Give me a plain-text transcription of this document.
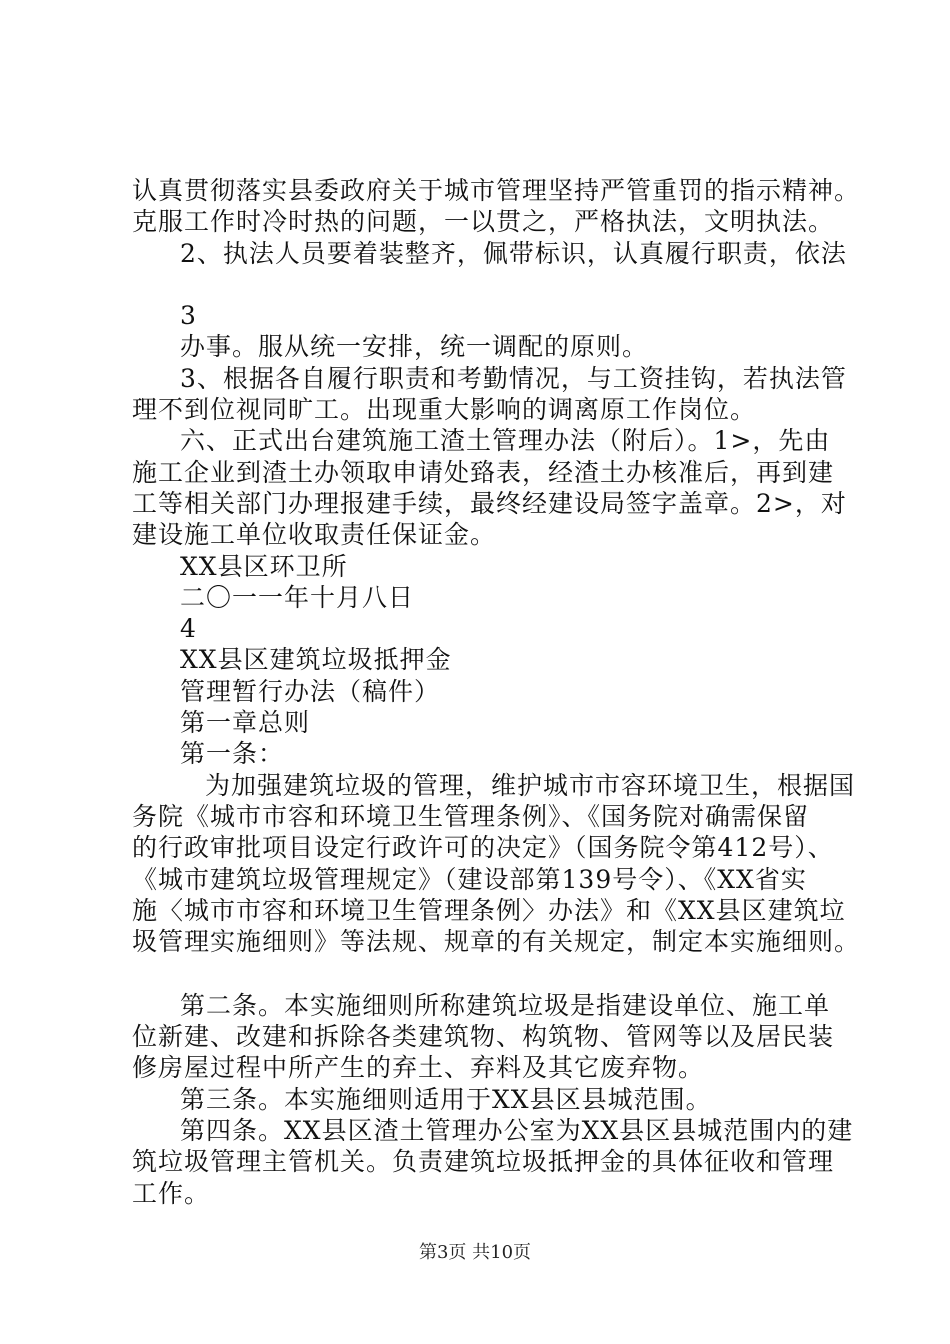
认真贯彻落实县委政府关于城市管理坚持严管重罚的指示精神。
克服工作时冷时热的问题，一以贯之，严格执法，文明执法。
2、执法人员要着装整齐，佩带标识，认真履行职责，依法
3
办事。服从统一安排，统一调配的原则。
3、根据各自履行职责和考勤情况，与工资挂钩，若执法管
理不到位视同旷工。出现重大影响的调离原工作岗位。
六、正式出台建筑施工渣土管理办法（附后）。1>，先由
施工企业到渣土办领取申请处臵表，经渣土办核准后，再到建
工等相关部门办理报建手续，最终经建设局签字盖章。2>，对
建设施工单位收取责任保证金。
XX县区环卫所
二〇一一年十月八日
4
XX县区建筑垃圾抵押金
管理暂行办法（稿件）
第一章总则
第一条：
为加强建筑垃圾的管理，维护城市市容环境卫生，根据国
务院《城市市容和环境卫生管理条例》、《国务院对确需保留
的行政审批项目设定行政许可的决定》（国务院令第412号）、
《城市建筑垃圾管理规定》（建设部第139号令）、《XX省实
施〈城市市容和环境卫生管理条例〉办法》和《XX县区建筑垃
圾管理实施细则》等法规、规章的有关规定，制定本实施细则。
第二条。本实施细则所称建筑垃圾是指建设单位、施工单
位新建、改建和拆除各类建筑物、构筑物、管网等以及居民装
修房屋过程中所产生的弃土、弃料及其它废弃物。
第三条。本实施细则适用于XX县区县城范围。
第四条。XX县区渣土管理办公室为XX县区县城范围内的建
筑垃圾管理主管机关。负责建筑垃圾抵押金的具体征收和管理
工作。
第3页 共10页
